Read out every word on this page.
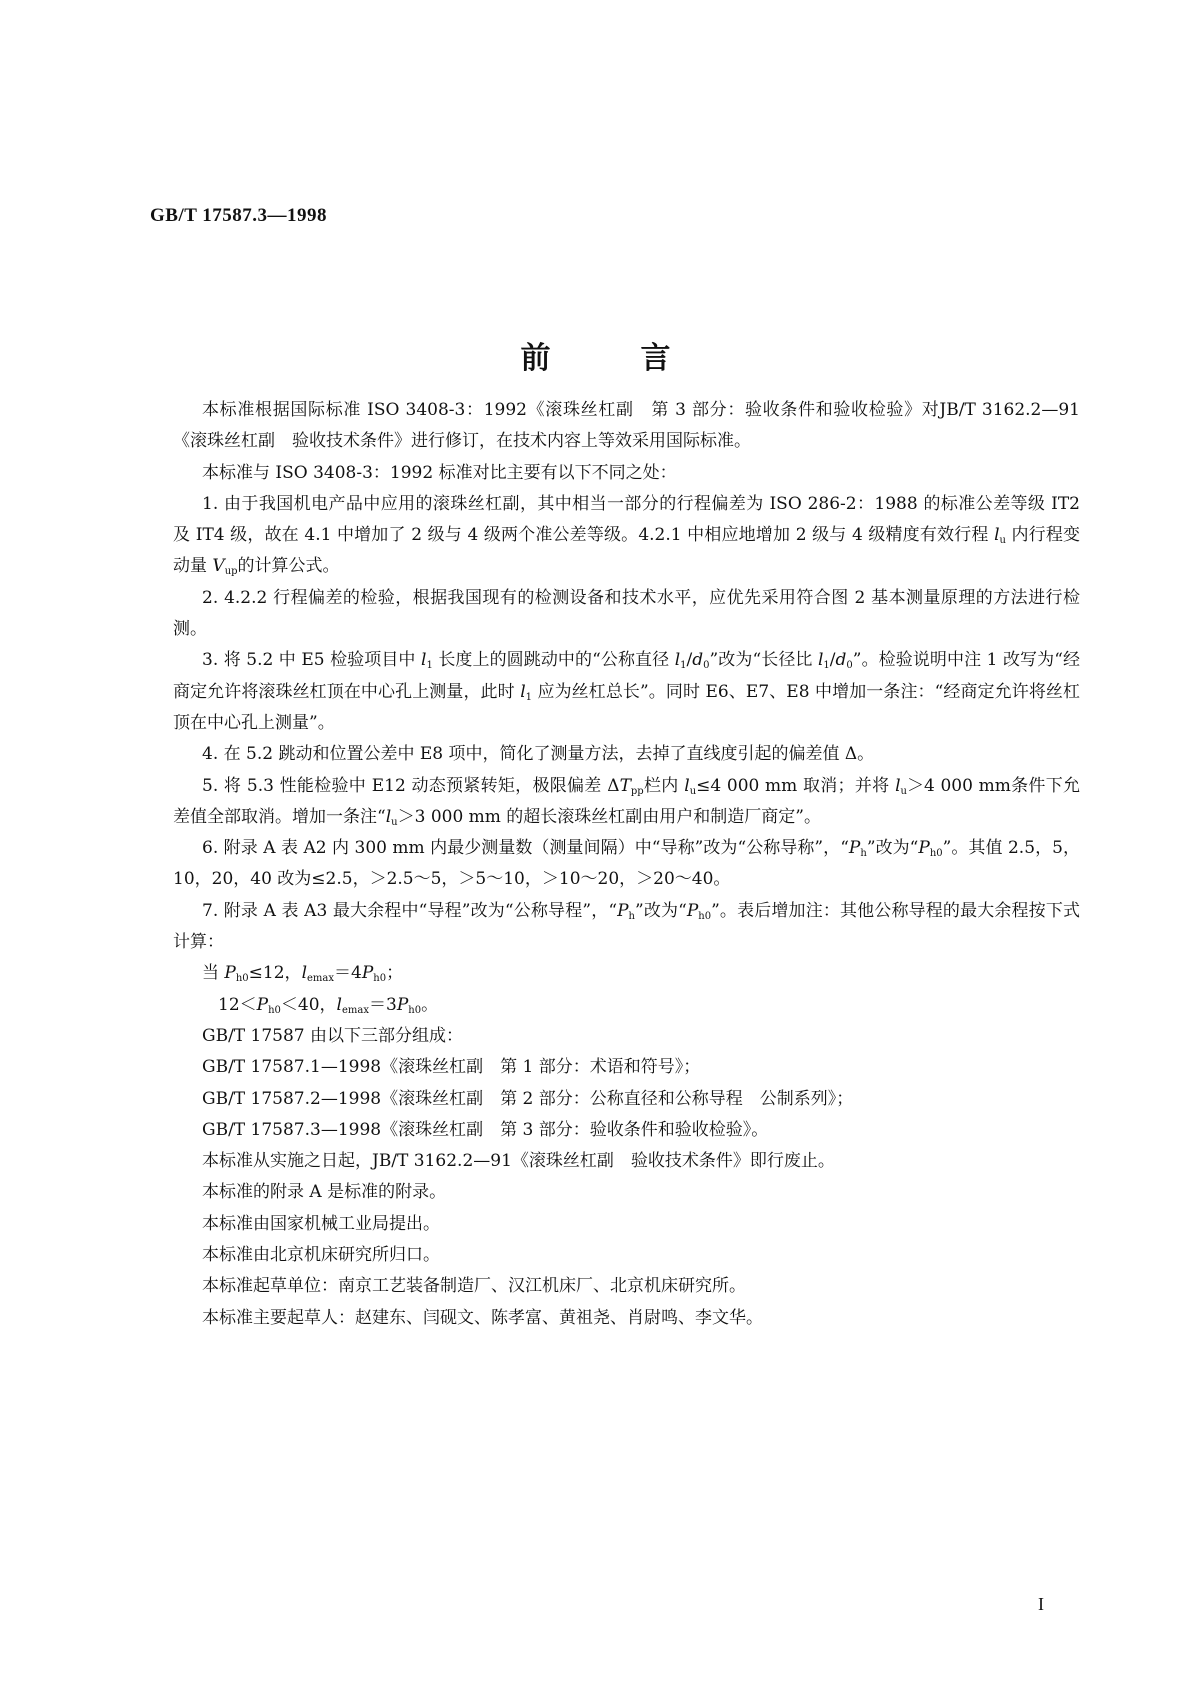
GB/T 17587.3—1998
前言

本标准根据国际标准 ISO 3408-3：1992《滚珠丝杠副　第 3 部分：验收条件和验收检验》对JB/T 3162.2—91《滚珠丝杠副　验收技术条件》进行修订，在技术内容上等效采用国际标准。

本标准与 ISO 3408-3：1992 标准对比主要有以下不同之处：

1. 由于我国机电产品中应用的滚珠丝杠副，其中相当一部分的行程偏差为 ISO 286-2：1988 的标准公差等级 IT2 及 IT4 级，故在 4.1 中增加了 2 级与 4 级两个准公差等级。4.2.1 中相应地增加 2 级与 4 级精度有效行程 $l_u$ 内行程变动量 $V_{up}$的计算公式。

2. 4.2.2 行程偏差的检验，根据我国现有的检测设备和技术水平，应优先采用符合图 2 基本测量原理的方法进行检测。

3. 将 5.2 中 E5 检验项目中 $l_1$ 长度上的圆跳动中的“公称直径 $l_1/d_0$”改为“长径比 $l_1/d_0$”。检验说明中注 1 改写为“经商定允许将滚珠丝杠顶在中心孔上测量，此时 $l_1$ 应为丝杠总长”。同时 E6、E7、E8 中增加一条注：“经商定允许将丝杠顶在中心孔上测量”。

4. 在 5.2 跳动和位置公差中 E8 项中，简化了测量方法，去掉了直线度引起的偏差值 Δ。

5. 将 5.3 性能检验中 E12 动态预紧转矩，极限偏差 $\Delta T_{pp}$栏内 $l_u\le 4$ 000 mm 取消；并将 $l_u>4$ 000 mm条件下允差值全部取消。增加一条注“$l_u>3$ 000 mm 的超长滚珠丝杠副由用户和制造厂商定”。

6. 附录 A 表 A2 内 300 mm 内最少测量数（测量间隔）中“导称”改为“公称导称”，“$P_h$”改为“$P_{h0}$”。其值 2.5，5，10，20，40 改为≤2.5，＞2.5～5，＞5～10，＞10～20，＞20～40。

7. 附录 A 表 A3 最大余程中“导程”改为“公称导程”，“$P_h$”改为“$P_{h0}$”。表后增加注：其他公称导程的最大余程按下式计算：

当 $P_{h0}\le 12$，$l_{emax}=4P_{h0}$；

$12<P_{h0}<40$，$l_{emax}=3P_{h0}$。

GB/T 17587 由以下三部分组成：

GB/T 17587.1—1998《滚珠丝杠副　第 1 部分：术语和符号》；

GB/T 17587.2—1998《滚珠丝杠副　第 2 部分：公称直径和公称导程　公制系列》；

GB/T 17587.3—1998《滚珠丝杠副　第 3 部分：验收条件和验收检验》。

本标准从实施之日起，JB/T 3162.2—91《滚珠丝杠副　验收技术条件》即行废止。

本标准的附录 A 是标准的附录。

本标准由国家机械工业局提出。

本标准由北京机床研究所归口。

本标准起草单位：南京工艺装备制造厂、汉江机床厂、北京机床研究所。

本标准主要起草人：赵建东、闫砚文、陈孝富、黄祖尧、肖尉鸣、李文华。

I
